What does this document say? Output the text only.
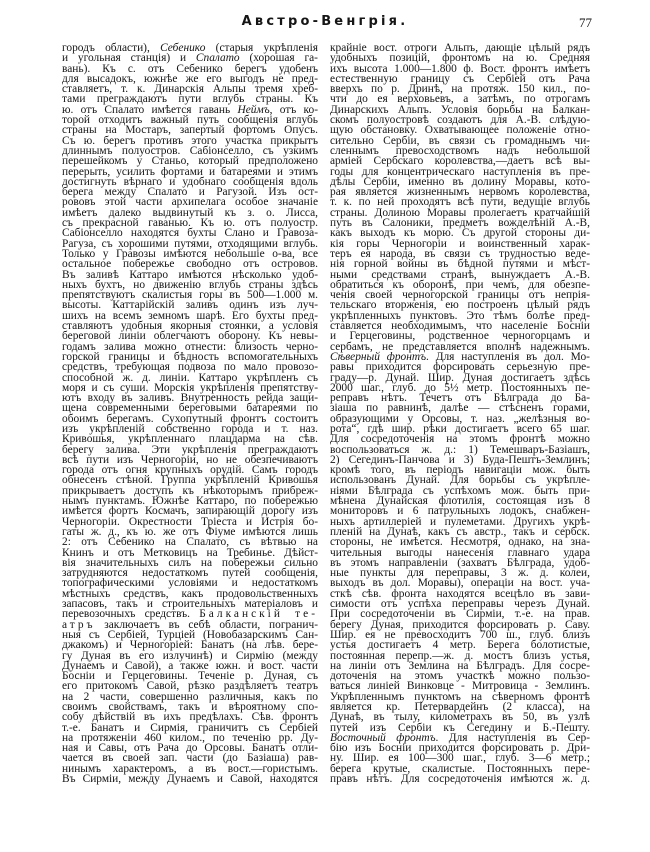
Австро-Венгрія.	77
городъ области), Себенико (старыя укрѣпленія
и угольная станція) и Спалато (хорошая га-
вань). Къ с. отъ Себенико берегъ удобенъ
для высадокъ, южнѣе же его выгодъ не пред-
ставляетъ, т. к. Динарскія Альпы тремя хреб-
тами преграждаютъ пути вглубь страны. Къ
ю. отъ Спалато имѣется гавань Неймъ, отъ ко-
торой отходитъ важный путь сообщенія вглубь
страны на Мостаръ, запертый фортомъ Опусъ.
Съ ю. берегъ противъ этого участка прикрытъ
длиннымъ полуостров. Сабіонселло, съ узкимъ
перешейкомъ у Станьо, который предположено
перерыть, усилить фортами и батареями и этимъ
достигнуть вѣрнаго и удобнаго сообщенія вдоль
берега между Спалато и Рагузой. Изъ ост-
рововъ этой части архипелага особое значаніе
имѣетъ далеко выдвинутый къ з. о. Лисса,
съ прекрасной гаванью. Къ ю. отъ полуостр.
Сабіонселло находятся бухты Слано и Гравоза-
Рагуза, съ хорошими путями, отходящими вглубь.
Только у Гравозы имѣются небольшіе о-ва, все
остальное побережье свободно отъ островов.
Въ заливѣ Каттаро имѣются нѣсколько удоб-
ныхъ бухтъ, но движенію вглубь страны здѣсь
препятствуютъ скалистыя горы въ 500—1.000 м.
высоты. Каттарійскій заливъ одинъ изъ луч-
шихъ на всемъ земномъ шарѣ. Его бухты пред-
ставляютъ удобныя якорныя стоянки, а условія
береговой линіи облегчаютъ оборону. Къ невы-
годамъ залива можно отнести: близость черно-
горской границы и бѣдность вспомогательныхъ
средствъ, требующая подвоза по мало провозо-
способной ж. д. линіи. Каттаро укрѣпленъ съ
моря и съ суши. Морскія укрѣпленія препятству-
ютъ входу въ заливъ. Внутренность рейда защи-
щена современными береговыми батареями по
обоимъ берегамъ. Сухопутный фронтъ состоитъ
изъ укрѣпленій собственно города и т. наз.
Кривошья, укрѣпленнаго плацдарма на сѣв.
берегу залива. Эти укрѣпленія преграждаютъ
всѣ пути изъ Черногоріи, но не обезпечиваютъ
города отъ огня крупныхъ орудій. Самъ городъ
обнесенъ стѣной. Группа укрѣпленій Кривошья
прикрываетъ доступъ къ нѣкоторымъ прибреж-
нымъ пунктамъ. Южнѣе Каттаро, по побережью
имѣется фортъ Космачъ, запирающій дорогу изъ
Черногоріи. Окрестности Тріеста и Истрія бо-
гаты ж. д., къ ю. же отъ Фіуме имѣются лишь
2: отъ Себенико на Спалато, съ вѣтвью на
Книнъ и отъ Метковицъ на Требинье. Дѣйст-
вія значительныхъ силъ на побережьи сильно
затрудняются недостаткомъ путей сообщенія,
топографическими условіями и недостаткомъ
мѣстныхъ средствъ, какъ продовольственныхъ
запасовъ, такъ и строительныхъ матеріаловъ и
перевозочныхъ средствъ. Балканскій те-
атръ заключаетъ въ себѣ области, погранич-
ныя съ Сербіей, Турціей (Новобазарскимъ Сан-
джакомъ) и Черногоріей: Банатъ (на лѣв. бере-
гу Дуная въ его излучинѣ) и Сирмію (между
Дунаемъ и Савой), а также южн. и вост. части
Босніи и Герцеговины. Теченіе р. Дуная, съ
его притокомъ Савой, рѣзко раздѣляетъ театръ
на 2 части, совершенно различныя, какъ по
своимъ свойствамъ, такъ и вѣроятному спо-
собу дѣйствій въ ихъ предѣлахъ. Сѣв. фронтъ
т.-е. Банатъ и Сирмія, граничитъ съ Сербіей
на протяженіи 460 килом., по теченію рр. Ду-
ная и Савы, отъ Рача до Орсовы. Банатъ отли-
чается въ своей зап. части (до Базіаша) рав-
нинымъ характеромъ, а въ вост.—гористымъ.
Въ Сирміи, между Дунаемъ и Савой, находятся
крайніе вост. отроги Альпъ, дающіе цѣлый рядъ
удобныхъ позицій, фронтомъ на ю. Средняя
ихъ высота 1.000—1.800 ф. Вост. фронтъ имѣетъ
естественную границу съ Сербіей отъ Рача
вверхъ по р. Дринѣ, на протяж. 150 кил., по-
чти до ея верховьевъ, а затѣмъ, по отрогамъ
Динарскихъ Альпъ. Условія борьбы на Балкан-
скомъ полуостровѣ создаютъ для А.-В. слѣдую-
щую обстановку. Охватывающее положеніе отно-
сительно Сербіи, въ связи съ громаднымъ чи-
сленнымъ превосходствомъ надъ небольшой
арміей Сербскаго королевства,—даетъ всѣ вы-
годы для концентрическаго наступленія въ пре-
дѣлы Сербіи, именно въ долину Моравы, кото-
рая является жизненнымъ нервомъ королевства,
т. к. по ней проходятъ всѣ пути, ведущіе вглубь
страны. Долиною Моравы пролегаетъ кратчайшій
путь въ Салоники, предметъ вожделѣній А.-В,
какъ выходъ къ морю. Съ другой стороны ди-
кія горы Черногоріи и воинственный харак-
теръ ея народа, въ связи съ трудностью веде-
нія горной войны въ бѣдной путями и мѣст-
ными средствами странѣ, вынуждаетъ А.-В.
обратиться къ оборонѣ, при чемъ, для обезпе-
ченія своей черногорской границы отъ непрія-
тельскаго вторженія, ею построенъ цѣлый рядъ
укрѣпленныхъ пунктовъ. Это тѣмъ болѣе пред-
ставляется необходимымъ, что населеніе Босніи
и Герцеговины, родственное черногорцамъ и
сербамъ, не представляется вполнѣ надежнымъ.
Сѣверный фронтъ. Для наступленія въ дол. Мо-
равы приходится форсировать серьезную пре-
граду—р. Дунай. Шир. Дуная достигаетъ здѣсь
2000 шаг., глуб. до 5½ метр. Постоянныхъ пе-
реправъ нѣтъ. Течетъ отъ Бѣлграда до Ба-
зіаша по равнинѣ, далѣе — стѣсненъ горами,
образующими у Орсовы, т. наз. „желѣзныя во-
рота“, гдѣ шир. рѣки достигаетъ всего 65 шаг.
Для сосредоточенія на этомъ фронтѣ можно
воспользоваться ж. д.: 1) Темешваръ-Базіашъ,
2) Сегединъ-Панчова и 3) Буда-Пештъ-Землинъ;
кромѣ того, въ періодъ навигаціи мож. быть
использованъ Дунай. Для борьбы съ укрѣпле-
ніями Бѣлграда съ успѣхомъ мож. быть при-
мѣнена Дунайская флотилія, состоящая изъ 8
мониторовъ и 6 патрульныхъ лодокъ, снабжен-
ныхъ артиллеріей и пулеметами. Другихъ укрѣ-
пленій на Дунаѣ, какъ съ австр., такъ и сербск.
стороны, не имѣется. Несмотря, однако, на зна-
чительныя выгоды нанесенія главнаго удара
въ этомъ направленіи (захватъ Бѣлграда, удоб-
ные пункты для переправы, 3 ж. д. колеи,
выходъ въ дол. Моравы), операціи на вост. уча-
сткѣ сѣв. фронта находятся всецѣло въ зави-
симости отъ успѣха переправы черезъ Дунай.
При сосредоточеніи въ Сирміи, т.-е. на прав.
берегу Дуная, приходится форсировать р. Саву.
Шир. ея не превосходитъ 700 ш., глуб. близъ
устья достигаетъ 4 метр. Берега болотистые,
постоянная перепр.—ж. д. мостъ близъ устья,
на линіи отъ Землина на Бѣлградъ. Для сосре-
доточенія на этомъ участкѣ можно пользо-
ваться линіей Винковце - Митровица - Землинъ.
Укрѣпленнымъ пунктомъ на сѣверномъ фронтѣ
является кр. Петервардейнъ (2 класса), на
Дунаѣ, въ тылу, километрахъ въ 50, въ узлѣ
путей изъ Сербіи къ Сегедину и Б.-Пешту.
Восточный фронтъ. Для наступленія въ Сер-
бію изъ Босніи приходится форсировать р. Дри-
ну. Шир. ея 100—300 шаг., глуб. 3—6 метр.;
берега крутые, скалистые. Постоянныхъ пере-
правъ нѣтъ. Для сосредоточенія имѣются ж. д.
